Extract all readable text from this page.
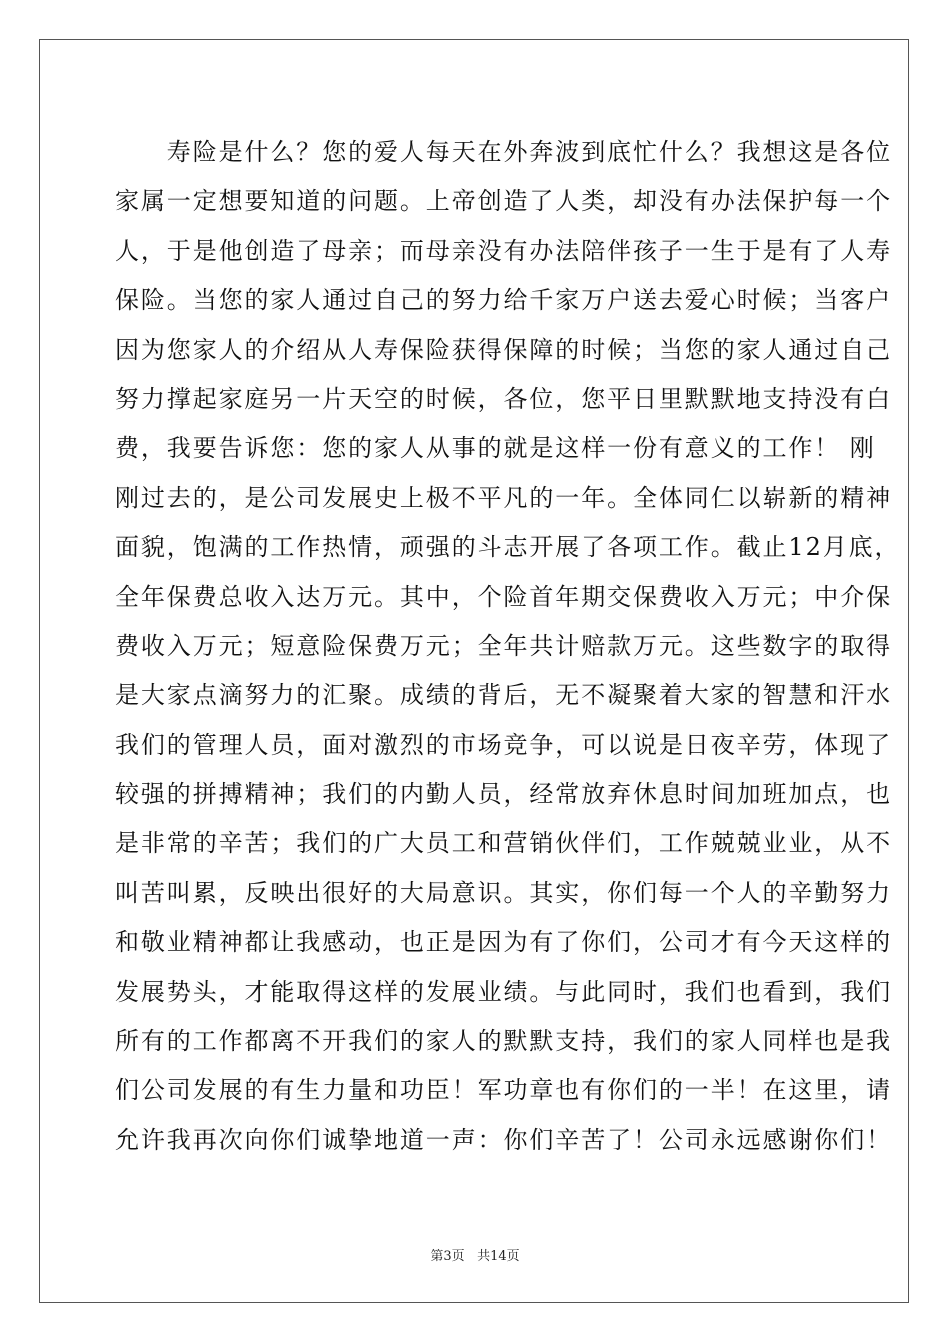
　　寿险是什么？您的爱人每天在外奔波到底忙什么？我想这是各位
家属一定想要知道的问题。上帝创造了人类，却没有办法保护每一个
人，于是他创造了母亲；而母亲没有办法陪伴孩子一生于是有了人寿
保险。当您的家人通过自己的努力给千家万户送去爱心时候；当客户
因为您家人的介绍从人寿保险获得保障的时候；当您的家人通过自己
努力撑起家庭另一片天空的时候，各位，您平日里默默地支持没有白
费，我要告诉您：您的家人从事的就是这样一份有意义的工作！ 刚
刚过去的，是公司发展史上极不平凡的一年。全体同仁以崭新的精神
面貌，饱满的工作热情，顽强的斗志开展了各项工作。截止12月底，
全年保费总收入达万元。其中，个险首年期交保费收入万元；中介保
费收入万元；短意险保费万元；全年共计赔款万元。这些数字的取得
是大家点滴努力的汇聚。成绩的背后，无不凝聚着大家的智慧和汗水
我们的管理人员，面对激烈的市场竞争，可以说是日夜辛劳，体现了
较强的拼搏精神；我们的内勤人员，经常放弃休息时间加班加点，也
是非常的辛苦；我们的广大员工和营销伙伴们，工作兢兢业业，从不
叫苦叫累，反映出很好的大局意识。其实，你们每一个人的辛勤努力
和敬业精神都让我感动，也正是因为有了你们，公司才有今天这样的
发展势头，才能取得这样的发展业绩。与此同时，我们也看到，我们
所有的工作都离不开我们的家人的默默支持，我们的家人同样也是我
们公司发展的有生力量和功臣！军功章也有你们的一半！在这里，请
允许我再次向你们诚挚地道一声：你们辛苦了！公司永远感谢你们！
第3页 共14页
